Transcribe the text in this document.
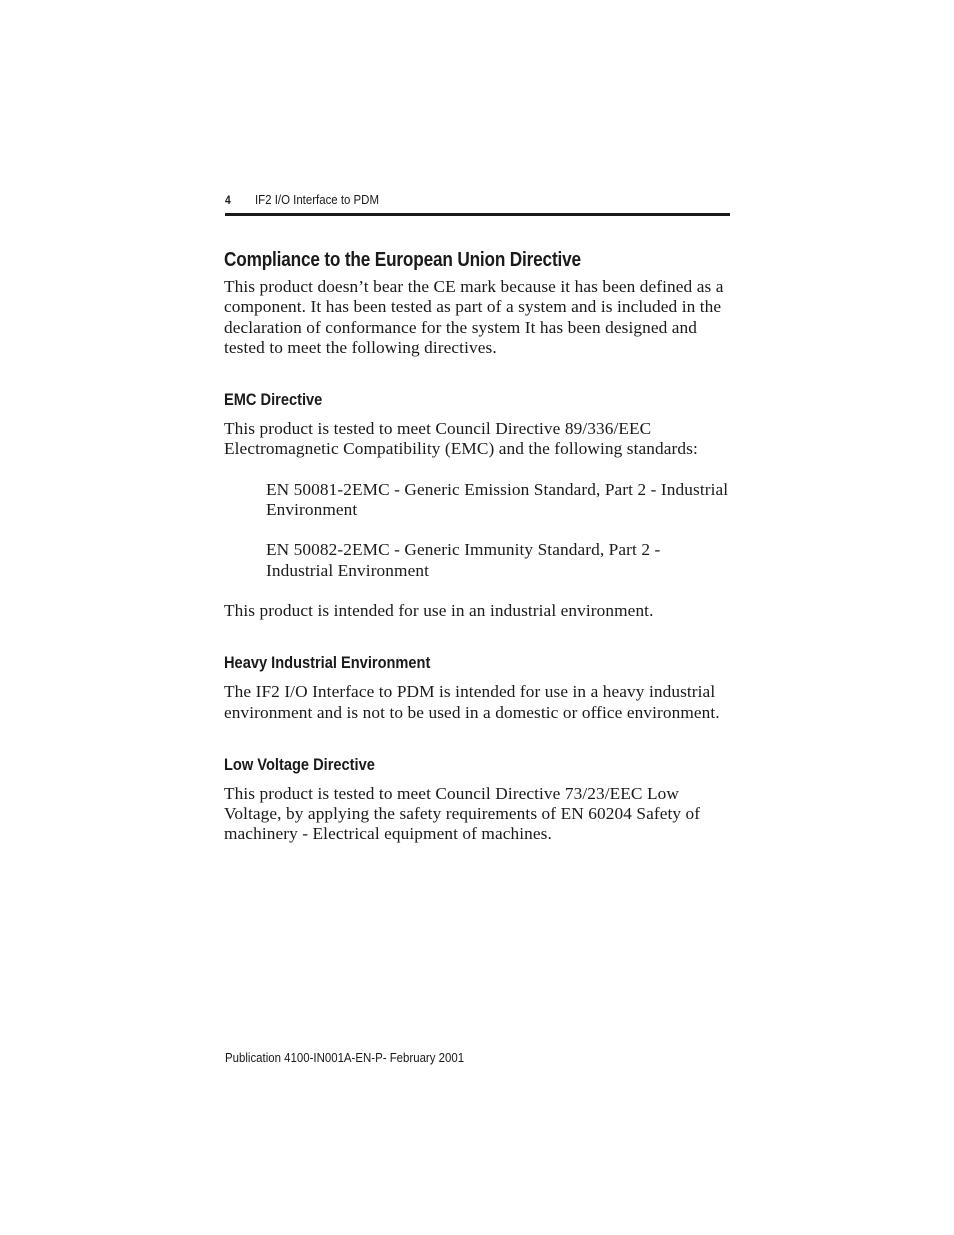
4 IF2 I/O Interface to PDM
Compliance to the European Union Directive

This product doesn’t bear the CE mark because it has been defined as a component. It has been tested as part of a system and is included in the declaration of conformance for the system It has been designed and tested to meet the following directives.

EMC Directive

This product is tested to meet Council Directive 89/336/EEC Electromagnetic Compatibility (EMC) and the following standards:

EN 50081-2EMC - Generic Emission Standard, Part 2 - Industrial Environment

EN 50082-2EMC - Generic Immunity Standard, Part 2 - Industrial Environment

This product is intended for use in an industrial environment.

Heavy Industrial Environment

The IF2 I/O Interface to PDM is intended for use in a heavy industrial environment and is not to be used in a domestic or office environment.

Low Voltage Directive

This product is tested to meet Council Directive 73/23/EEC Low Voltage, by applying the safety requirements of EN 60204 Safety of machinery - Electrical equipment of machines.

Publication 4100-IN001A-EN-P- February 2001
